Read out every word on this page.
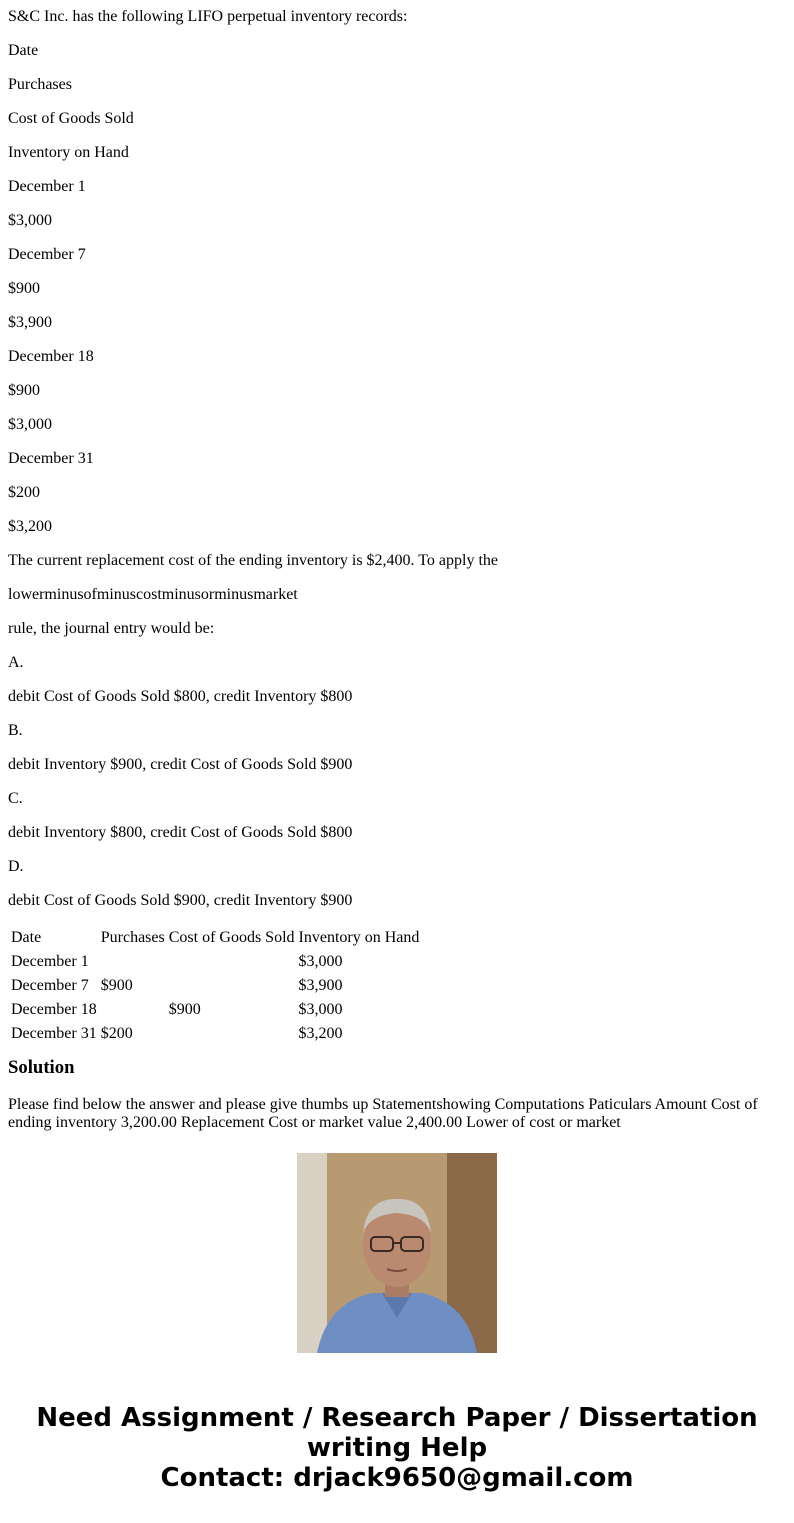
S&C Inc. has the following LIFO perpetual inventory records:

Date

Purchases

Cost of Goods Sold

Inventory on Hand

December 1

$3,000

December 7

$900

$3,900

December 18

$900

$3,000

December 31

$200

$3,200

The current replacement cost of the ending inventory is $2,400. To apply the

lowerminusofminuscostminusorminusmarket

rule, the journal entry would be:

A.

debit Cost of Goods Sold $800, credit Inventory $800

B.

debit Inventory $900, credit Cost of Goods Sold $900

C.

debit Inventory $800, credit Cost of Goods Sold $800

D.

debit Cost of Goods Sold $900, credit Inventory $900

Date	Purchases	Cost of Goods Sold	Inventory on Hand
December 1			$3,000
December 7	$900		$3,900
December 18		$900	$3,000
December 31	$200		$3,200
Solution
Please find below the answer and please give thumbs up Statementshowing Computations Paticulars Amount Cost of ending inventory 3,200.00 Replacement Cost or market value 2,400.00 Lower of cost or market
Need Assignment / Research Paper / Dissertation
writing Help
Contact: drjack9650@gmail.com
